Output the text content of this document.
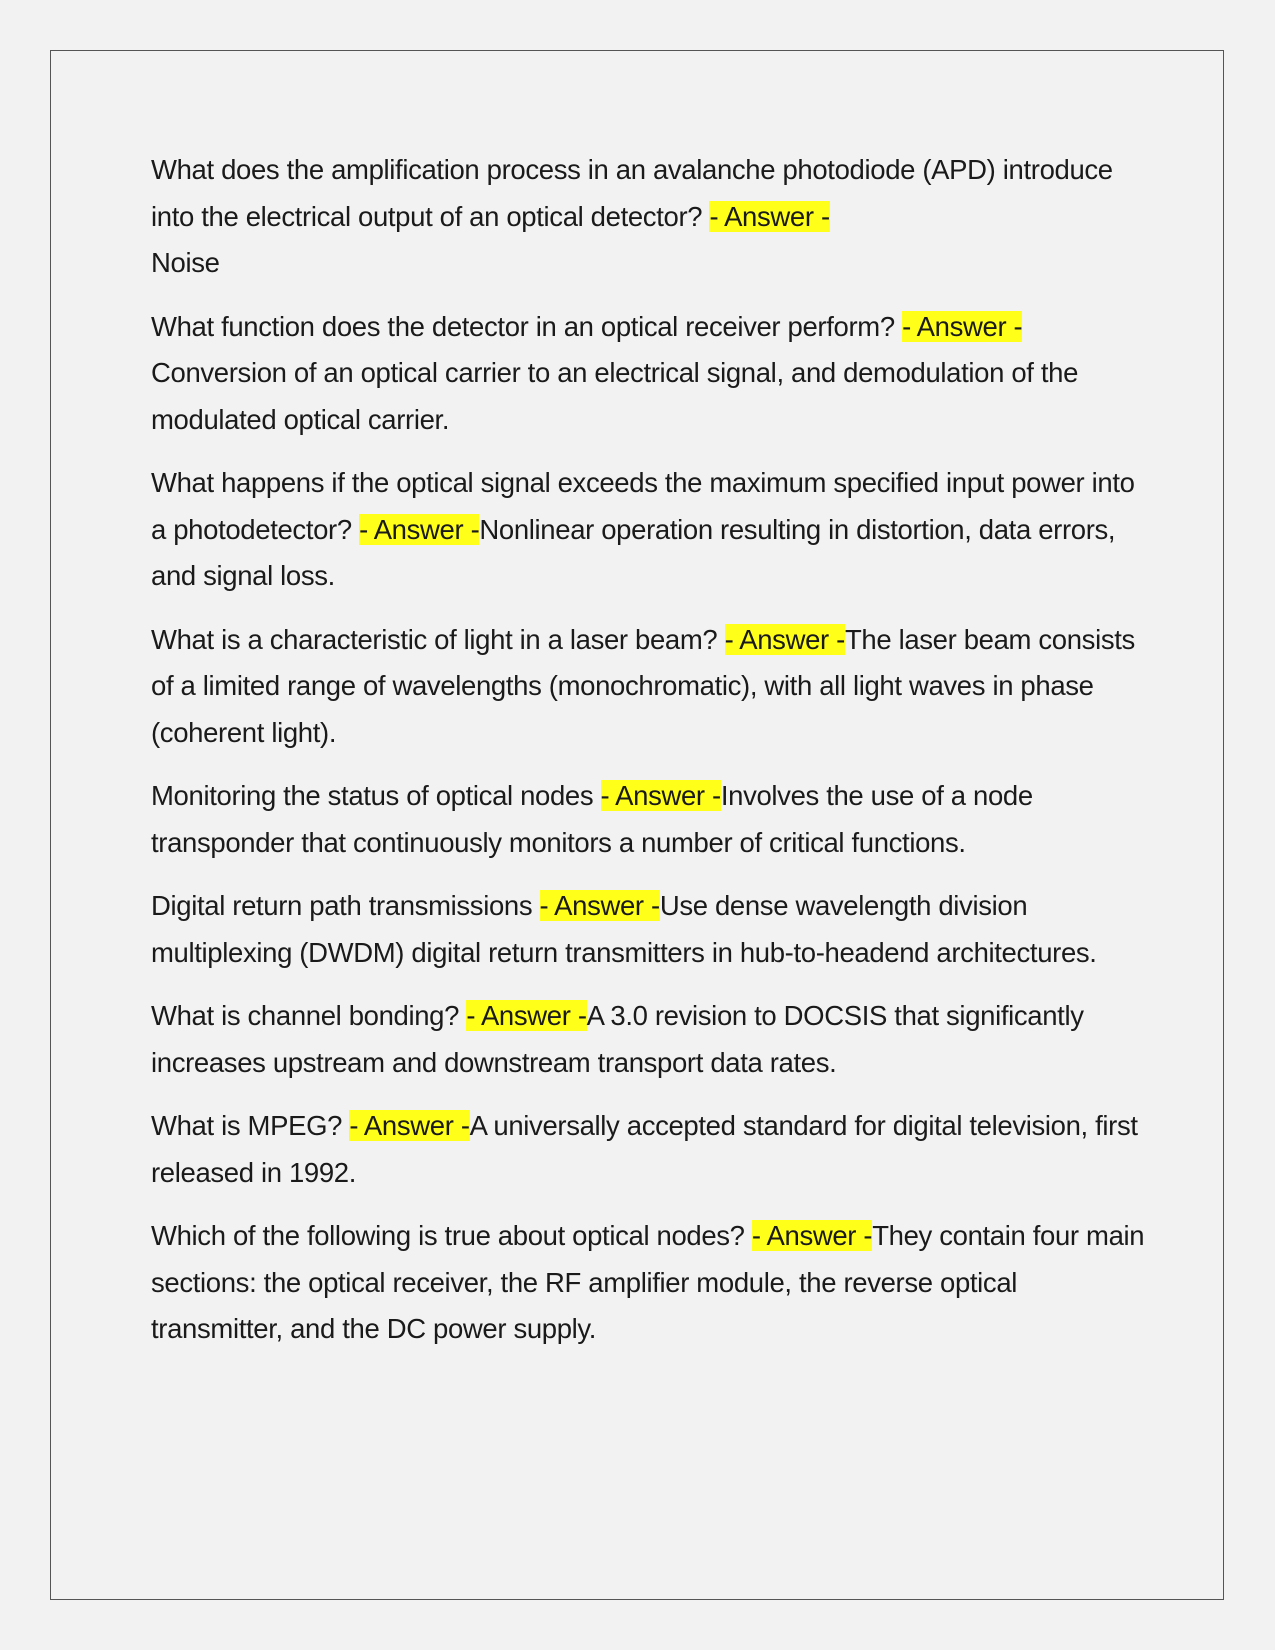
What does the amplification process in an avalanche photodiode (APD) introduce into the electrical output of an optical detector? - Answer -
Noise

What function does the detector in an optical receiver perform? - Answer -Conversion of an optical carrier to an electrical signal, and demodulation of the modulated optical carrier.

What happens if the optical signal exceeds the maximum specified input power into a photodetector? - Answer -Nonlinear operation resulting in distortion, data errors, and signal loss.

What is a characteristic of light in a laser beam? - Answer -The laser beam consists of a limited range of wavelengths (monochromatic), with all light waves in phase (coherent light).

Monitoring the status of optical nodes - Answer -Involves the use of a node transponder that continuously monitors a number of critical functions.

Digital return path transmissions - Answer -Use dense wavelength division multiplexing (DWDM) digital return transmitters in hub-to-headend architectures.

What is channel bonding? - Answer -A 3.0 revision to DOCSIS that significantly increases upstream and downstream transport data rates.

What is MPEG? - Answer -A universally accepted standard for digital television, first released in 1992.

Which of the following is true about optical nodes? - Answer -They contain four main sections: the optical receiver, the RF amplifier module, the reverse optical transmitter, and the DC power supply.
